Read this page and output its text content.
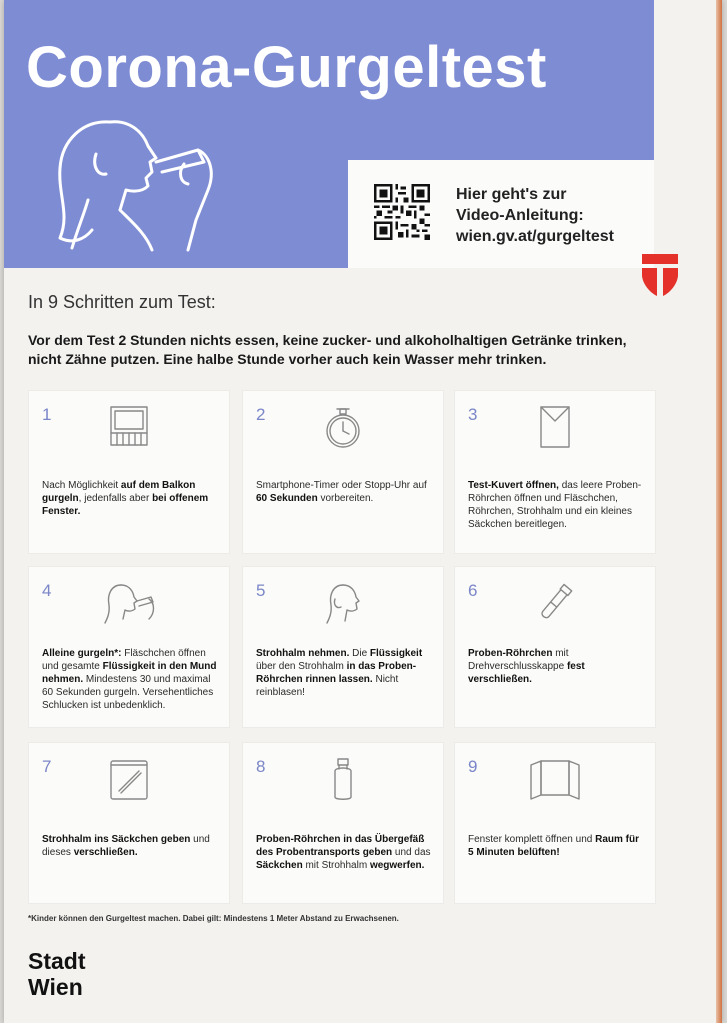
Corona-Gurgeltest
Hier geht's zur
Video-Anleitung:
wien.gv.at/gurgeltest
In 9 Schritten zum Test:
Vor dem Test 2 Stunden nichts essen, keine zucker- und alkoholhaltigen Getränke trinken, nicht Zähne putzen. Eine halbe Stunde vorher auch kein Wasser mehr trinken.
1
Nach Möglichkeit auf dem Balkon gurgeln, jedenfalls aber bei offenem Fenster.
2
Smartphone-Timer oder Stopp-Uhr auf 60 Sekunden vorbereiten.
3
Test-Kuvert öffnen, das leere Proben-Röhrchen öffnen und Fläschchen, Röhrchen, Strohhalm und ein kleines Säckchen bereitlegen.
4
Alleine gurgeln*: Fläschchen öffnen und gesamte Flüssigkeit in den Mund nehmen. Mindestens 30 und maximal 60 Sekunden gurgeln. Versehentliches Schlucken ist unbedenklich.
5
Strohhalm nehmen. Die Flüssigkeit über den Strohhalm in das Proben-Röhrchen rinnen lassen. Nicht reinblasen!
6
Proben-Röhrchen mit Drehverschlusskappe fest verschließen.
7
Strohhalm ins Säckchen geben und dieses verschließen.
8
Proben-Röhrchen in das Übergefäß des Probentransports geben und das Säckchen mit Strohhalm wegwerfen.
9
Fenster komplett öffnen und Raum für 5 Minuten belüften!
*Kinder können den Gurgeltest machen. Dabei gilt: Mindestens 1 Meter Abstand zu Erwachsenen.
Stadt
Wien
